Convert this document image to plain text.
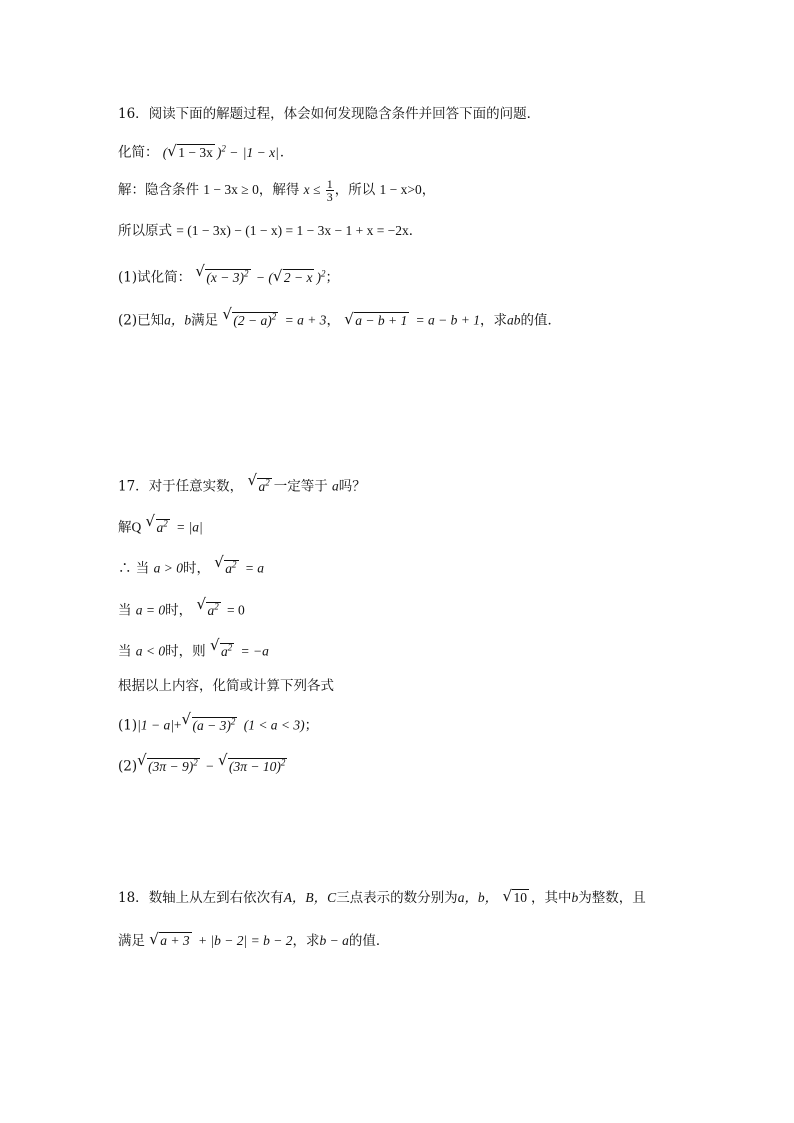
16．阅读下面的解题过程，体会如何发现隐含条件并回答下面的问题．
化简： ( √ 1 − 3x )$^2$ − |1 − x|．
解：隐含条件 1 − 3x ≥ 0，解得 $x \le \frac{1}{3}$ ，所以 1 − x>0，
所以原式 = (1 − 3x) − (1 − x) = 1 − 3x − 1 + x = −2x．
(1)试化简： √ $(x - 3)^2$ − ( √ 2 − x )$^2$；
(2)已知a，b满足 √ $(2 - a)^2 = a + 3$， √ a − b + 1 = a − b + 1，求ab的值．
17．对于任意实数， √ $a^2$ 一定等于 a吗？
解Q √ $a^2 = |a|$
∴ 当 a > 0时， √ $a^2 = a$
当 a = 0时， √ $a^2 = 0$
当 a < 0时，则 √ $a^2 = -a$
根据以上内容，化简或计算下列各式
(1)|1 − a|+ √ $(a - 3)^2$ (1 < a < 3)；
(2) √ $(3\pi - 9)^2$ − √ $(3\pi - 10)^2$
18．数轴上从左到右依次有A，B，C三点表示的数分别为a，b， √ 10 ，其中b为整数，且
满足 √ a + 3 + |b − 2| = b − 2，求b − a的值．
